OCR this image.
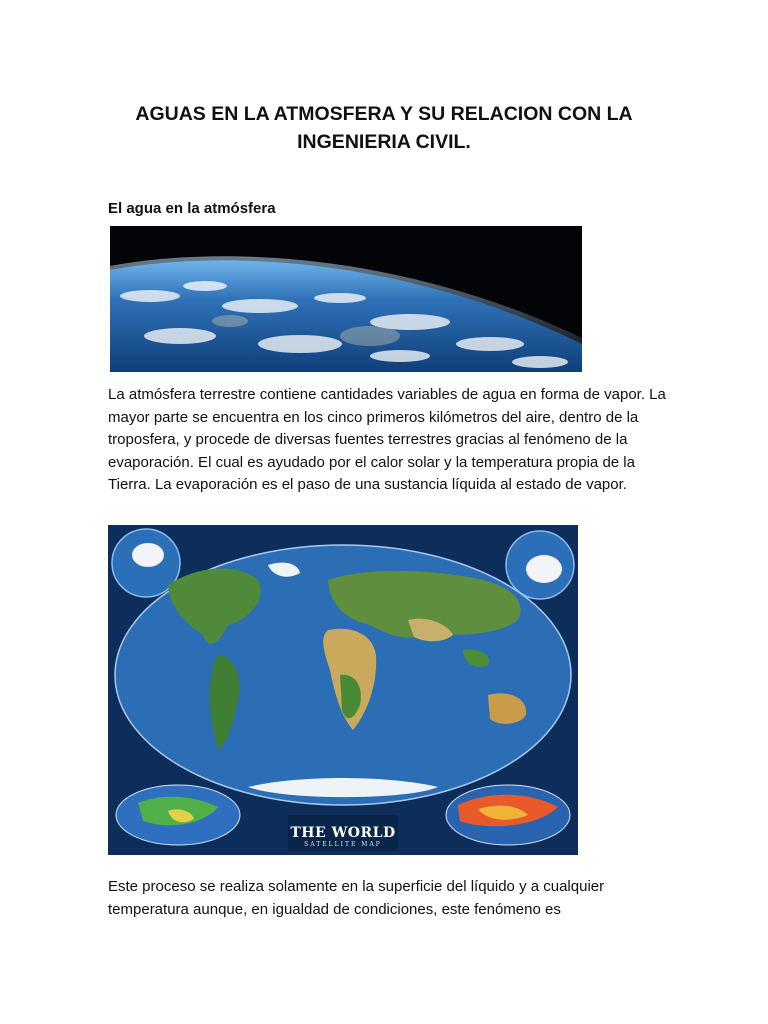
AGUAS EN LA ATMOSFERA Y SU RELACION CON LA
INGENIERIA CIVIL.
El agua en la atmósfera
La atmósfera terrestre contiene cantidades variables de agua en forma de vapor. La mayor parte se encuentra en los cinco primeros kilómetros del aire, dentro de la troposfera, y procede de diversas fuentes terrestres gracias al fenómeno de la evaporación. El cual es ayudado por el calor solar y la temperatura propia de la Tierra. La evaporación es el paso de una sustancia líquida al estado de vapor.
THE WORLD
SATELLITE MAP
Este proceso se realiza solamente en la superficie del líquido y a cualquier temperatura aunque, en igualdad de condiciones, este fenómeno es
